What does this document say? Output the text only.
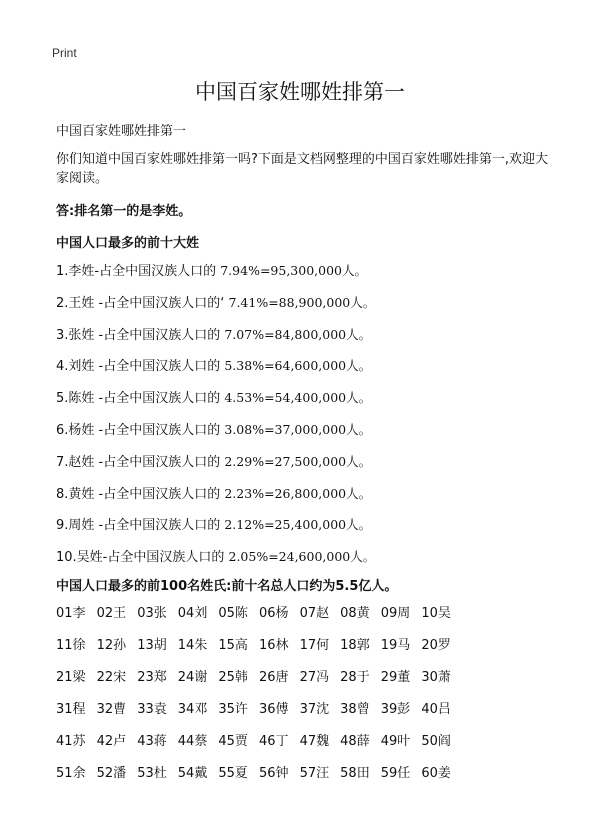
Print
中国百家姓哪姓排第一
中国百家姓哪姓排第一
你们知道中国百家姓哪姓排第一吗?下面是文档网整理的中国百家姓哪姓排第一,欢迎大家阅读。
答:排名第一的是李姓。
中国人口最多的前十大姓
1.李姓-占全中国汉族人口的 7.94%=95,300,000人。
2.王姓 -占全中国汉族人口的‘ 7.41%=88,900,000人。
3.张姓 -占全中国汉族人口的 7.07%=84,800,000人。
4.刘姓 -占全中国汉族人口的 5.38%=64,600,000人。
5.陈姓 -占全中国汉族人口的 4.53%=54,400,000人。
6.杨姓 -占全中国汉族人口的 3.08%=37,000,000人。
7.赵姓 -占全中国汉族人口的 2.29%=27,500,000人。
8.黄姓 -占全中国汉族人口的 2.23%=26,800,000人。
9.周姓 -占全中国汉族人口的 2.12%=25,400,000人。
10.吴姓-占全中国汉族人口的 2.05%=24,600,000人。
中国人口最多的前100名姓氏:前十名总人口约为5.5亿人。
01李 02王 03张 04刘 05陈 06杨 07赵 08黄 09周 10吴
11徐 12孙 13胡 14朱 15高 16林 17何 18郭 19马 20罗
21梁 22宋 23郑 24谢 25韩 26唐 27冯 28于 29董 30萧
31程 32曹 33袁 34邓 35许 36傅 37沈 38曾 39彭 40吕
41苏 42卢 43蒋 44蔡 45贾 46丁 47魏 48薛 49叶 50阎
51余 52潘 53杜 54戴 55夏 56钟 57汪 58田 59任 60姜
